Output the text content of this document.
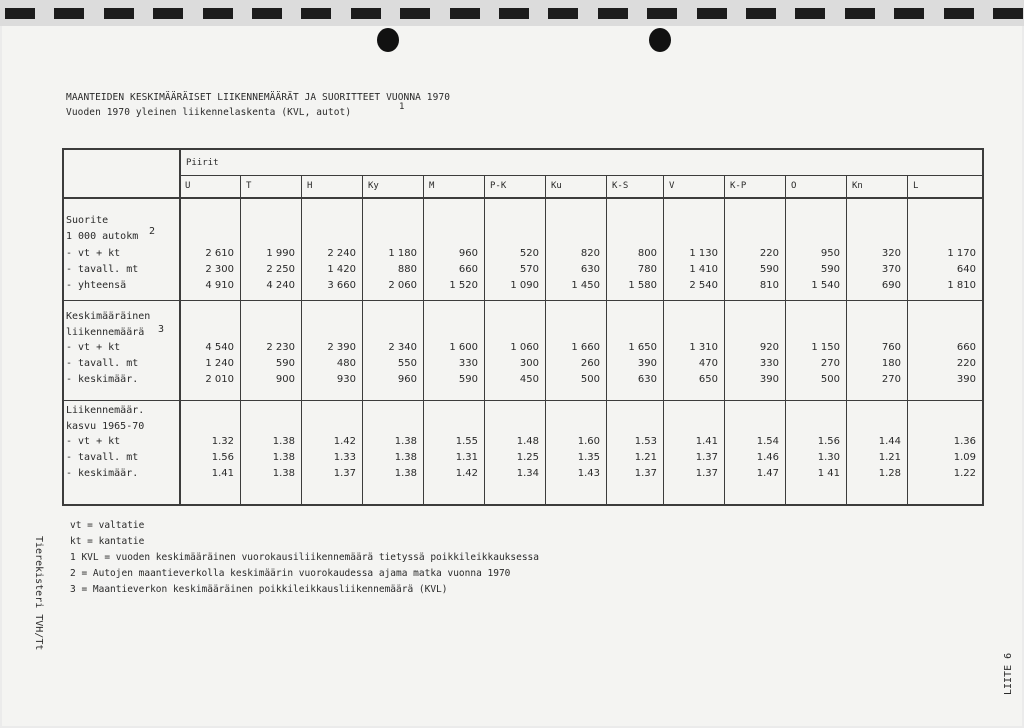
MAANTEIDEN KESKIMÄÄRÄISET LIIKENNEMÄÄRÄT JA SUORITTEET VUONNA 1970
Vuoden 1970 yleinen liikennelaskenta (KVL, autot)	1
Piirit
U	T	H	Ky	M	P-K	Ku	K-S	V	K-P	O	Kn	L
Suorite
1 000 autokm 2
- vt + kt	2 610	1 990	2 240	1 180	960	520	820	800	1 130	220	950	320	1 170
- tavall. mt	2 300	2 250	1 420	880	660	570	630	780	1 410	590	590	370	640
- yhteensä	4 910	4 240	3 660	2 060	1 520	1 090	1 450	1 580	2 540	810	1 540	690	1 810
Keskimääräinen
liikennemäärä 3
- vt + kt	4 540	2 230	2 390	2 340	1 600	1 060	1 660	1 650	1 310	920	1 150	760	660
- tavall. mt	1 240	590	480	550	330	300	260	390	470	330	270	180	220
- keskimäär.	2 010	900	930	960	590	450	500	630	650	390	500	270	390
Liikennemäär.
kasvu 1965-70
- vt + kt	1.32	1.38	1.42	1.38	1.55	1.48	1.60	1.53	1.41	1.54	1.56	1.44	1.36
- tavall. mt	1.56	1.38	1.33	1.38	1.31	1.25	1.35	1.21	1.37	1.46	1.30	1.21	1.09
- keskimäär.	1.41	1.38	1.37	1.38	1.42	1.34	1.43	1.37	1.37	1.47	1 41	1.28	1.22
vt = valtatie
kt = kantatie
1 KVL = vuoden keskimääräinen vuorokausiliikennemäärä tietyssä poikkileikkauksessa
2 = Autojen maantieverkolla keskimäärin vuorokaudessa ajama matka vuonna 1970
3 = Maantieverkon keskimääräinen poikkileikkausliikennemäärä (KVL)
Tierekisteri TVH/Tt
LIITE 6
